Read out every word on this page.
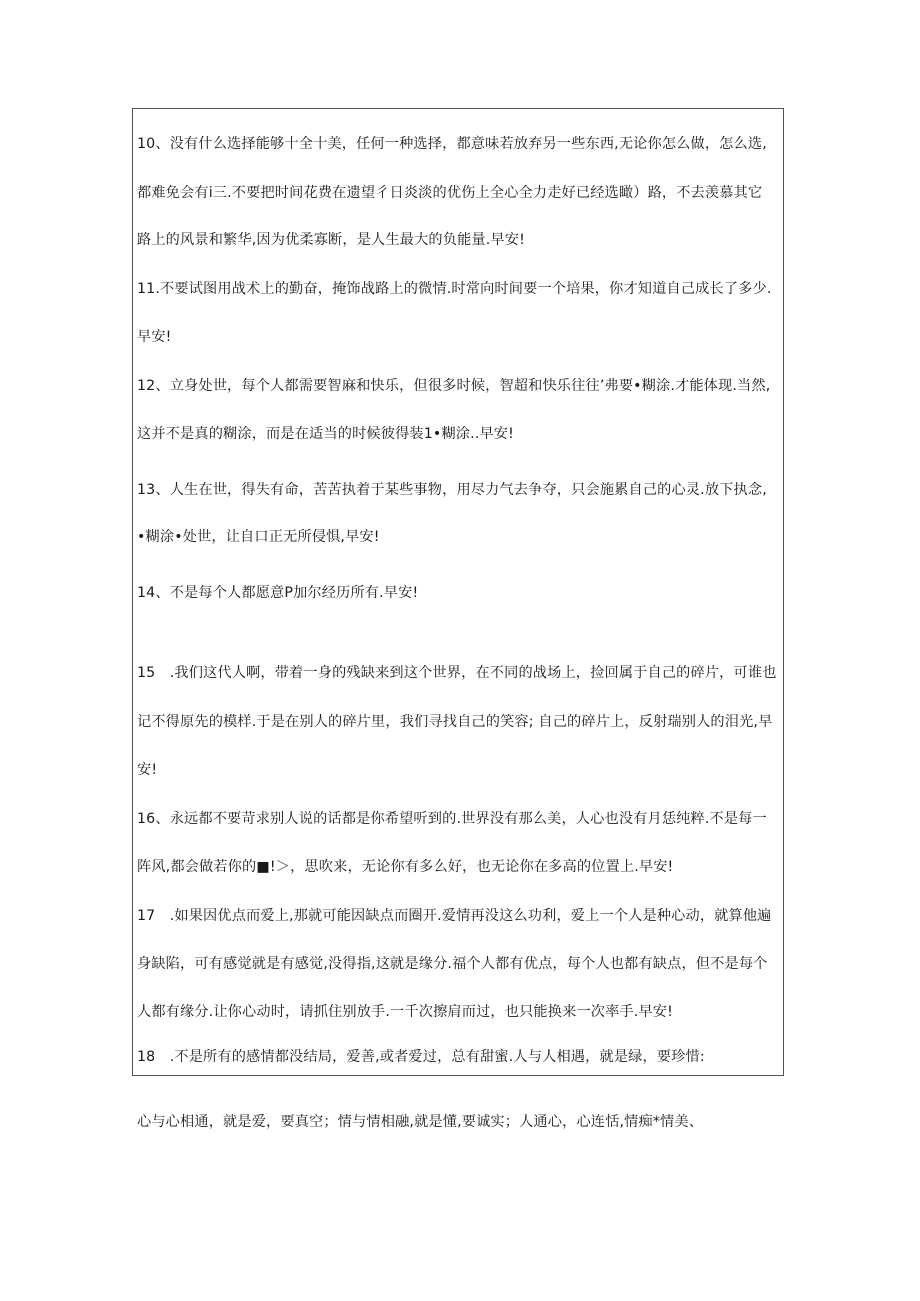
10、没有什么选择能够十全十美，任何一种选择，都意味若放弃另一些东西,无论你怎么做，怎么选,
都难免会有i三.不要把时间花费在遗望彳日炎淡的优伤上全心全力走好已经选瞰）路，不去羡慕其它
路上的风景和繁华,因为优柔寡断，是人生最大的负能量.早安!
11.不要试图用战术上的勤奋，掩饰战路上的微情.时常向时间要一个培果，你才知道自己成长了多少.
早安!
12、立身处世，每个人都需要智麻和快乐，但很多时候，智超和快乐往往’弗要•糊涂.才能体现.当然,
这并不是真的糊涂，而是在适当的时候彼得装1•糊涂..早安!
13、人生在世，得失有命，苦苦执着于某些事物，用尽力气去争夺，只会施累自己的心灵.放下执念,
•糊涂•处世，让自口正无所侵惧,早安!
14、不是每个人都愿意P加尔经历所有.早安!
15　.我们这代人啊，带着一身的残缺来到这个世界，在不同的战场上，捡回属于自己的碎片，可谁也
记不得原先的模样.于是在别人的碎片里，我们寻找自己的笑容; 自己的碎片上，反射瑞别人的泪光,早
安!
16、永远都不要苛求别人说的话都是你希望听到的.世界没有那么美，人心也没有月恁纯粹.不是每一
阵风,都会做若你的■!＞，思吹来，无论你有多么好，也无论你在多高的位置上.早安!
17　.如果因优点而爱上,那就可能因缺点而圈开.爱情再没这么功利，爱上一个人是种心动，就算他遍
身缺陷，可有感觉就是有感觉,没得指,这就是缘分.福个人都有优点，每个人也都有缺点，但不是每个
人都有缘分.让你心动时，请抓住别放手.一千次擦肩而过，也只能换来一次率手.早安!
18　.不是所有的感情都没结局，爱善,或者爱过，总有甜蜜.人与人相遇，就是绿，要珍惜:
心与心相通，就是爱，要真空；情与情相融,就是懂,要诚实；人通心，心连恬,情痴*情美、
